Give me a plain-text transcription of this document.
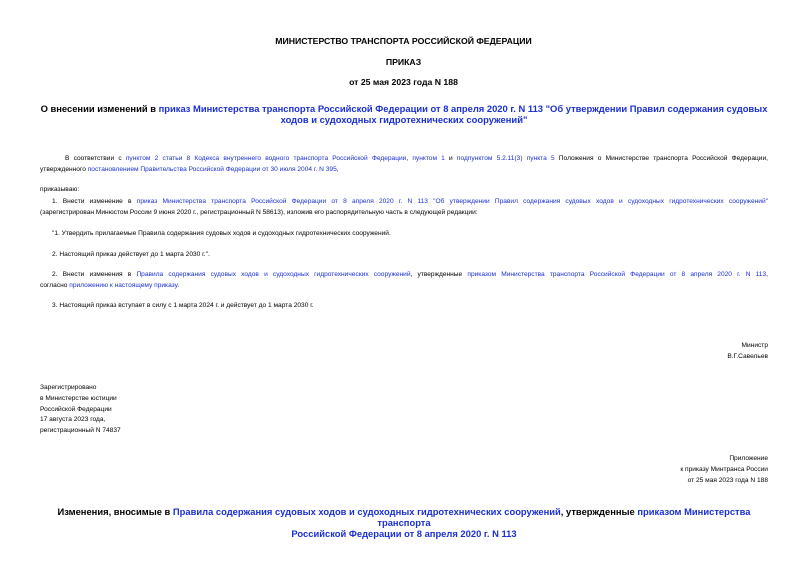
МИНИСТЕРСТВО ТРАНСПОРТА РОССИЙСКОЙ ФЕДЕРАЦИИ
ПРИКАЗ
от 25 мая 2023 года N 188
О внесении изменений в приказ Министерства транспорта Российской Федерации от 8 апреля 2020 г. N 113 "Об утверждении Правил содержания судовых ходов и судоходных гидротехнических сооружений"
В соответствии с пунктом 2 статьи 8 Кодекса внутреннего водного транспорта Российской Федерации, пунктом 1 и подпунктом 5.2.11(3) пункта 5 Положения о Министерстве транспорта Российской Федерации,
утвержденного постановлением Правительства Российской Федерации от 30 июля 2004 г. N 395,
приказываю:
1. Внести изменение в приказ Министерства транспорта Российской Федерации от 8 апреля 2020 г. N 113 "Об утверждении Правил содержания судовых ходов и судоходных гидротехнических сооружений"
(зарегистрирован Минюстом России 9 июня 2020 г., регистрационный N 58613), изложив его распорядительную часть в следующей редакции:
"1. Утвердить прилагаемые Правила содержания судовых ходов и судоходных гидротехнических сооружений.
2. Настоящий приказ действует до 1 марта 2030 г.".
2. Внести изменения в Правила содержания судовых ходов и судоходных гидротехнических сооружений, утвержденные приказом Министерства транспорта Российской Федерации от 8 апреля 2020 г. N 113,
согласно приложению к настоящему приказу.
3. Настоящий приказ вступает в силу с 1 марта 2024 г. и действует до 1 марта 2030 г.
Министр
В.Г.Савельев
Зарегистрировано
в Министерстве юстиции
Российской Федерации
17 августа 2023 года,
регистрационный N 74837
Приложение
к приказу Минтранса России
от 25 мая 2023 года N 188
Изменения, вносимые в Правила содержания судовых ходов и судоходных гидротехнических сооружений, утвержденные приказом Министерства транспорта
Российской Федерации от 8 апреля 2020 г. N 113
